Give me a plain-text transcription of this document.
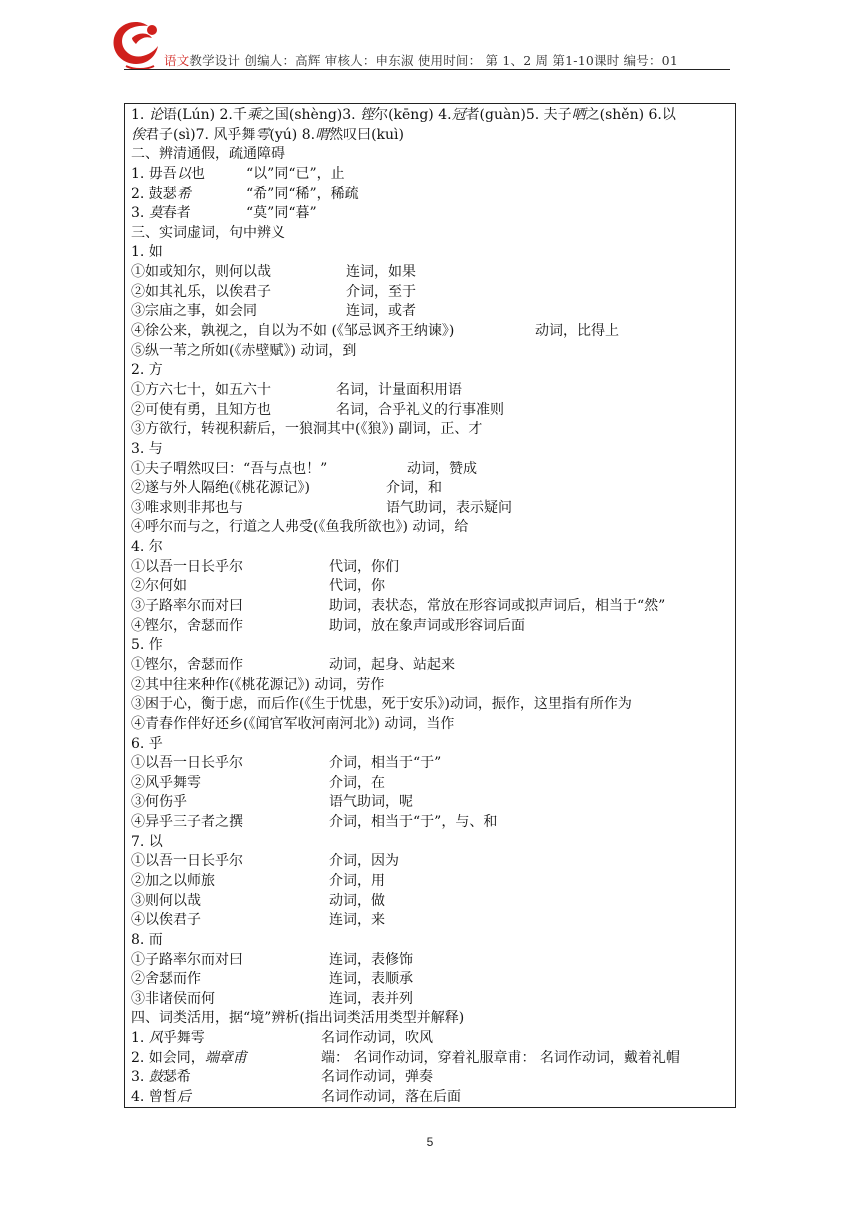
语文教学设计 创编人：高辉 审核人：申东淑 使用时间： 第 1、2 周 第1-10课时 编号：01
1. 论语(Lún) 2.千乘之国(shèng)3. 铿尔(kēng) 4.冠者(guàn)5. 夫子哂之(shěn) 6.以
俟君子(sì)7. 风乎舞雩(yú) 8.喟然叹曰(kuì)
二、辨清通假，疏通障碍
1. 毋吾以也	“以”同“已”，止
2. 鼓瑟希	“希”同“稀”，稀疏
3. 莫春者	“莫”同“暮”
三、实词虚词，句中辨义
1. 如
①如或知尔，则何以哉	连词，如果
②如其礼乐，以俟君子	介词，至于
③宗庙之事，如会同	连词，或者
④徐公来，孰视之，自以为不如 (《邹忌讽齐王纳谏》)	动词，比得上
⑤纵一苇之所如(《赤壁赋》) 动词，到
2. 方
①方六七十，如五六十	名词，计量面积用语
②可使有勇，且知方也	名词，合乎礼义的行事准则
③方欲行，转视积薪后，一狼洞其中(《狼》) 副词，正、才
3. 与
①夫子喟然叹曰：“吾与点也！”	动词，赞成
②遂与外人隔绝(《桃花源记》)	介词，和
③唯求则非邦也与	语气助词，表示疑问
④呼尔而与之，行道之人弗受(《鱼我所欲也》) 动词，给
4. 尔
①以吾一日长乎尔	代词，你们
②尔何如	代词，你
③子路率尔而对曰	助词，表状态，常放在形容词或拟声词后，相当于“然”
④铿尔，舍瑟而作	助词，放在象声词或形容词后面
5. 作
①铿尔，舍瑟而作	动词，起身、站起来
②其中往来种作(《桃花源记》) 动词，劳作
③困于心，衡于虑，而后作(《生于忧患，死于安乐》)动词，振作，这里指有所作为
④青春作伴好还乡(《闻官军收河南河北》) 动词，当作
6. 乎
①以吾一日长乎尔	介词，相当于“于”
②风乎舞雩	介词，在
③何伤乎	语气助词，呢
④异乎三子者之撰	介词，相当于“于”，与、和
7. 以
①以吾一日长乎尔	介词，因为
②加之以师旅	介词，用
③则何以哉	动词，做
④以俟君子	连词，来
8. 而
①子路率尔而对曰	连词，表修饰
②舍瑟而作	连词，表顺承
③非诸侯而何	连词，表并列
四、词类活用，据“境”辨析(指出词类活用类型并解释)
1. 风乎舞雩	名词作动词，吹风
2. 如会同，端章甫	端： 名词作动词，穿着礼服章甫： 名词作动词，戴着礼帽
3. 鼓瑟希	名词作动词，弹奏
4. 曾皙后	名词作动词，落在后面
5
